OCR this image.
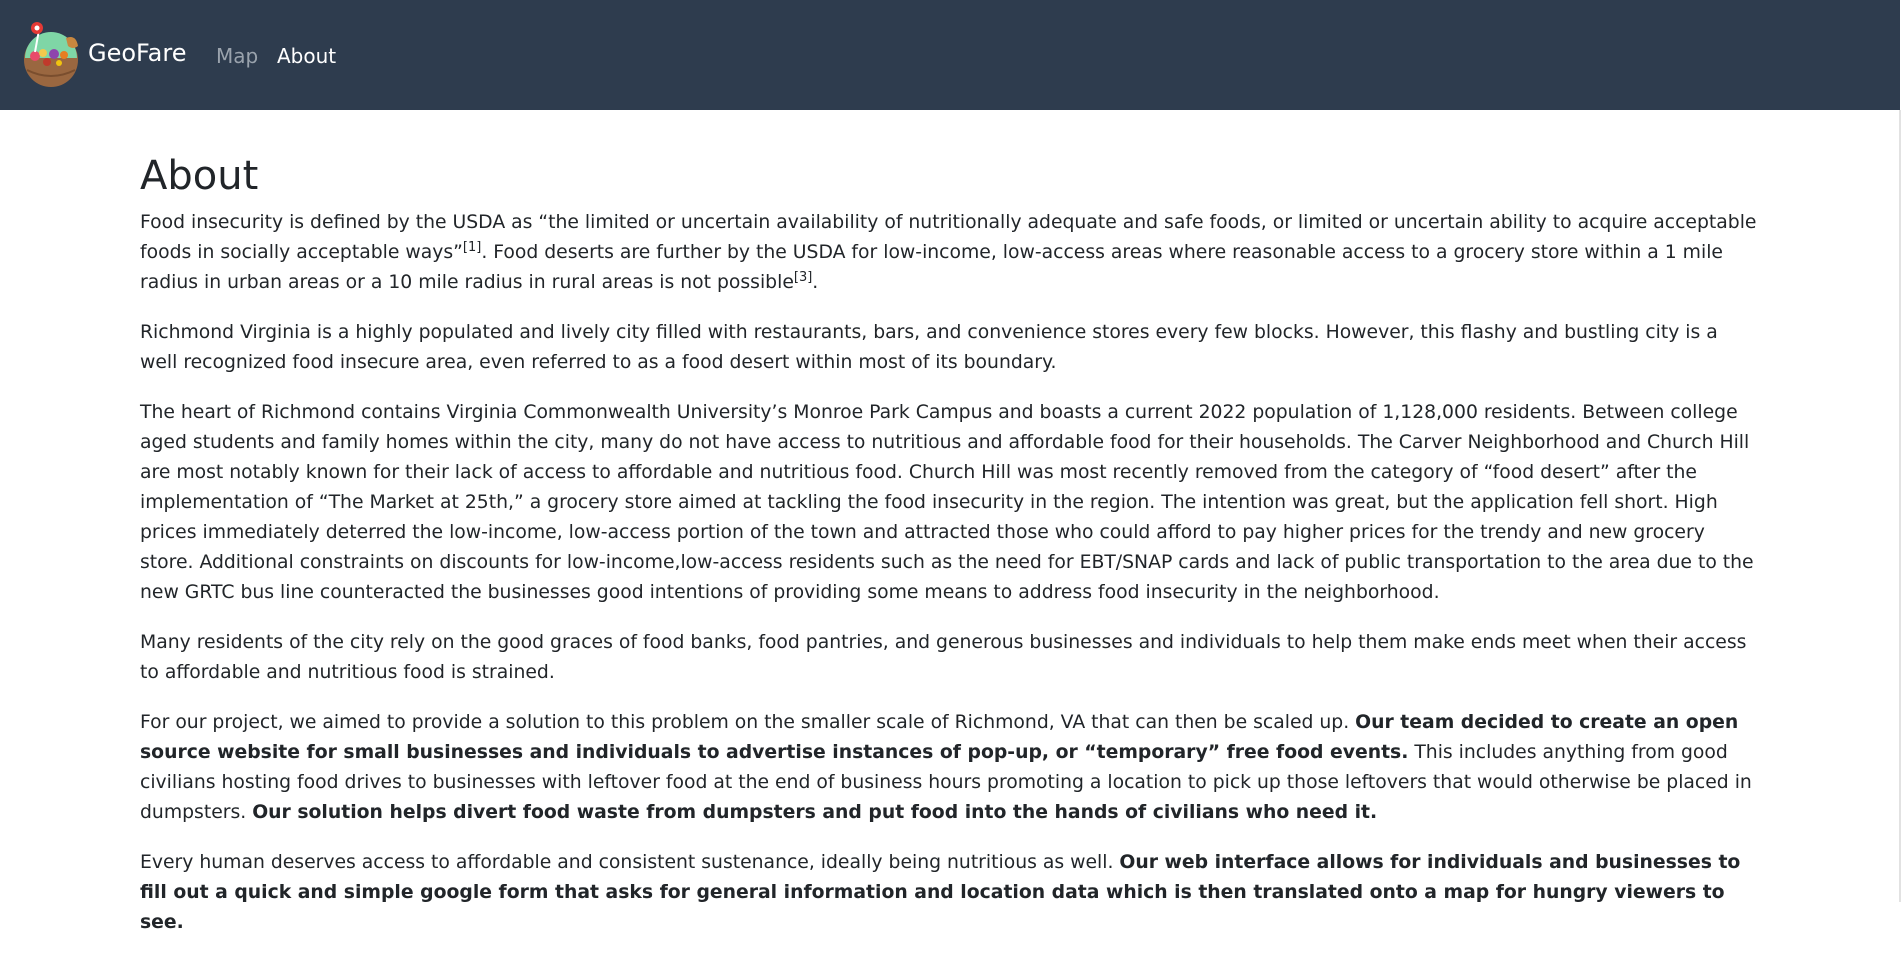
GeoFare Map About
About

Food insecurity is defined by the USDA as “the limited or uncertain availability of nutritionally adequate and safe foods, or limited or uncertain ability to acquire acceptable foods in socially acceptable ways”[1]. Food deserts are further by the USDA for low-income, low-access areas where reasonable access to a grocery store within a 1 mile radius in urban areas or a 10 mile radius in rural areas is not possible[3].

Richmond Virginia is a highly populated and lively city filled with restaurants, bars, and convenience stores every few blocks. However, this flashy and bustling city is a well recognized food insecure area, even referred to as a food desert within most of its boundary.

The heart of Richmond contains Virginia Commonwealth University’s Monroe Park Campus and boasts a current 2022 population of 1,128,000 residents. Between college aged students and family homes within the city, many do not have access to nutritious and affordable food for their households. The Carver Neighborhood and Church Hill are most notably known for their lack of access to affordable and nutritious food. Church Hill was most recently removed from the category of “food desert” after the implementation of “The Market at 25th,” a grocery store aimed at tackling the food insecurity in the region. The intention was great, but the application fell short. High prices immediately deterred the low-income, low-access portion of the town and attracted those who could afford to pay higher prices for the trendy and new grocery store. Additional constraints on discounts for low-income,low-access residents such as the need for EBT/SNAP cards and lack of public transportation to the area due to the new GRTC bus line counteracted the businesses good intentions of providing some means to address food insecurity in the neighborhood.

Many residents of the city rely on the good graces of food banks, food pantries, and generous businesses and individuals to help them make ends meet when their access to affordable and nutritious food is strained.

For our project, we aimed to provide a solution to this problem on the smaller scale of Richmond, VA that can then be scaled up. Our team decided to create an open source website for small businesses and individuals to advertise instances of pop-up, or “temporary” free food events. This includes anything from good civilians hosting food drives to businesses with leftover food at the end of business hours promoting a location to pick up those leftovers that would otherwise be placed in dumpsters. Our solution helps divert food waste from dumpsters and put food into the hands of civilians who need it.

Every human deserves access to affordable and consistent sustenance, ideally being nutritious as well. Our web interface allows for individuals and businesses to fill out a quick and simple google form that asks for general information and location data which is then translated onto a map for hungry viewers to see.
